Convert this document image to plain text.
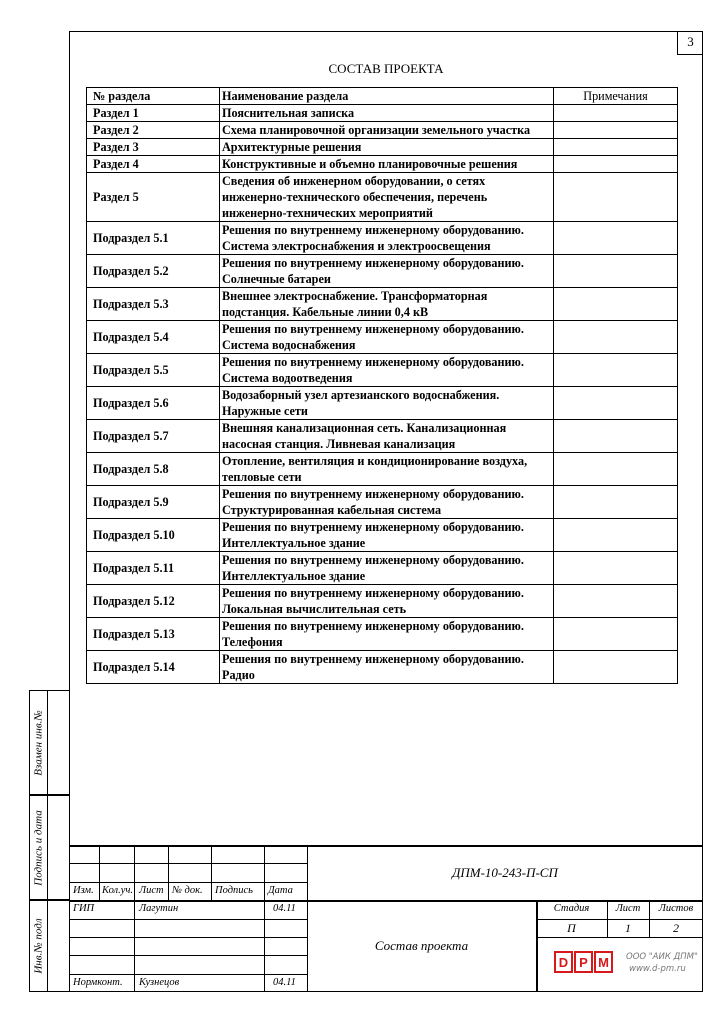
3
СОСТАВ ПРОЕКТА
№ раздела	Наименование раздела	Примечания
Раздел 1	Пояснительная записка	
Раздел 2	Схема планировочной организации земельного участка	
Раздел 3	Архитектурные решения	
Раздел 4	Конструктивные и объемно планировочные решения	
Раздел 5	Сведения об инженерном оборудовании, о сетях инженерно-технического обеспечения, перечень инженерно-технических мероприятий	
Подраздел 5.1	Решения по внутреннему инженерному оборудованию. Система электроснабжения и электроосвещения	
Подраздел 5.2	Решения по внутреннему инженерному оборудованию. Солнечные батареи	
Подраздел 5.3	Внешнее электроснабжение. Трансформаторная подстанция. Кабельные линии 0,4 кВ	
Подраздел 5.4	Решения по внутреннему инженерному оборудованию. Система водоснабжения	
Подраздел 5.5	Решения по внутреннему инженерному оборудованию. Система водоотведения	
Подраздел 5.6	Водозаборный узел артезианского водоснабжения. Наружные сети	
Подраздел 5.7	Внешняя канализационная сеть. Канализационная насосная станция. Ливневая канализация	
Подраздел 5.8	Отопление, вентиляция и кондиционирование воздуха, тепловые сети	
Подраздел 5.9	Решения по внутреннему инженерному оборудованию. Структурированная кабельная система	
Подраздел 5.10	Решения по внутреннему инженерному оборудованию. Интеллектуальное здание	
Подраздел 5.11	Решения по внутреннему инженерному оборудованию. Интеллектуальное здание	
Подраздел 5.12	Решения по внутреннему инженерному оборудованию. Локальная вычислительная сеть	
Подраздел 5.13	Решения по внутреннему инженерному оборудованию. Телефония	
Подраздел 5.14	Решения по внутреннему инженерному оборудованию. Радио	
Взамен инв.№
Подпись и дата
Инв.№ подл
Изм. Кол.уч. Лист № док. Подпись Дата
ДПМ-10-243-П-СП
ГИП	Лагутин	04.11
Нормконт. Кузнецов	04.11
Состав проекта
Стадия	Лист	Листов
П	1	2
D P M ООО "АИК ДПМ"
www.d-pm.ru
